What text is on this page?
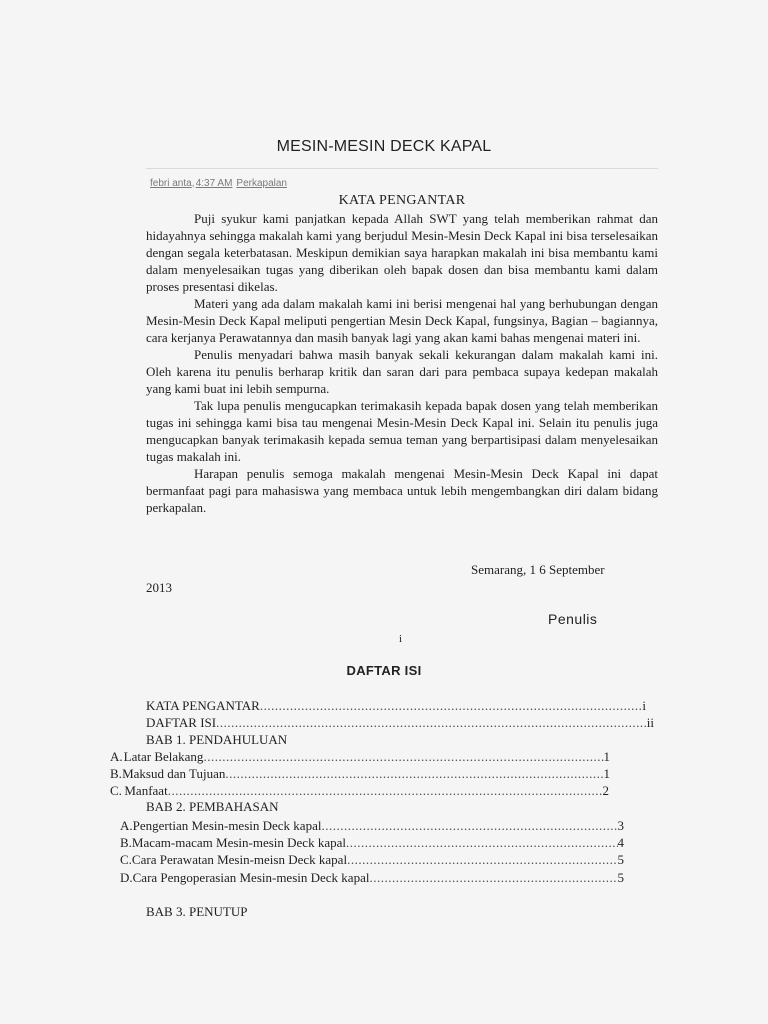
MESIN-MESIN DECK KAPAL
febri anta,4:37 AM Perkapalan
KATA PENGANTAR

Puji syukur kami panjatkan kepada Allah SWT yang telah memberikan rahmat dan hidayahnya sehingga makalah kami yang berjudul Mesin-Mesin Deck Kapal ini bisa terselesaikan dengan segala keterbatasan. Meskipun demikian saya harapkan makalah ini bisa membantu kami dalam menyelesaikan tugas yang diberikan oleh bapak dosen dan bisa membantu kami dalam proses presentasi dikelas.

Materi yang ada dalam makalah kami ini berisi mengenai hal yang berhubungan dengan Mesin-Mesin Deck Kapal meliputi pengertian Mesin Deck Kapal, fungsinya, Bagian – bagiannya, cara kerjanya Perawatannya dan masih banyak lagi yang akan kami bahas mengenai materi ini.

Penulis menyadari bahwa masih banyak sekali kekurangan dalam makalah kami ini. Oleh karena itu penulis berharap kritik dan saran dari para pembaca supaya kedepan makalah yang kami buat ini lebih sempurna.

Tak lupa penulis mengucapkan terimakasih kepada bapak dosen yang telah memberikan tugas ini sehingga kami bisa tau mengenai Mesin-Mesin Deck Kapal ini. Selain itu penulis juga mengucapkan banyak terimakasih kepada semua teman yang berpartisipasi dalam menyelesaikan tugas makalah ini.

Harapan penulis semoga makalah mengenai Mesin-Mesin Deck Kapal ini dapat bermanfaat pagi para mahasiswa yang membaca untuk lebih mengembangkan diri dalam bidang perkapalan.

Semarang, 1 6 September
2013
Penulis
i
DAFTAR ISI
KATA PENGANTAR .....	i
DAFTAR ISI .....	ii
BAB 1. PENDAHULUAN
A. Latar Belakang .....	1
B. Maksud dan Tujuan .....	1
C. Manfaat .....	2
BAB 2. PEMBAHASAN
A. Pengertian Mesin-mesin Deck kapal .....	3
B. Macam-macam Mesin-mesin Deck kapal .....	4
C. Cara Perawatan Mesin-meisn Deck kapal .....	5
D. Cara Pengoperasian Mesin-mesin Deck kapal .....	5
BAB 3. PENUTUP
